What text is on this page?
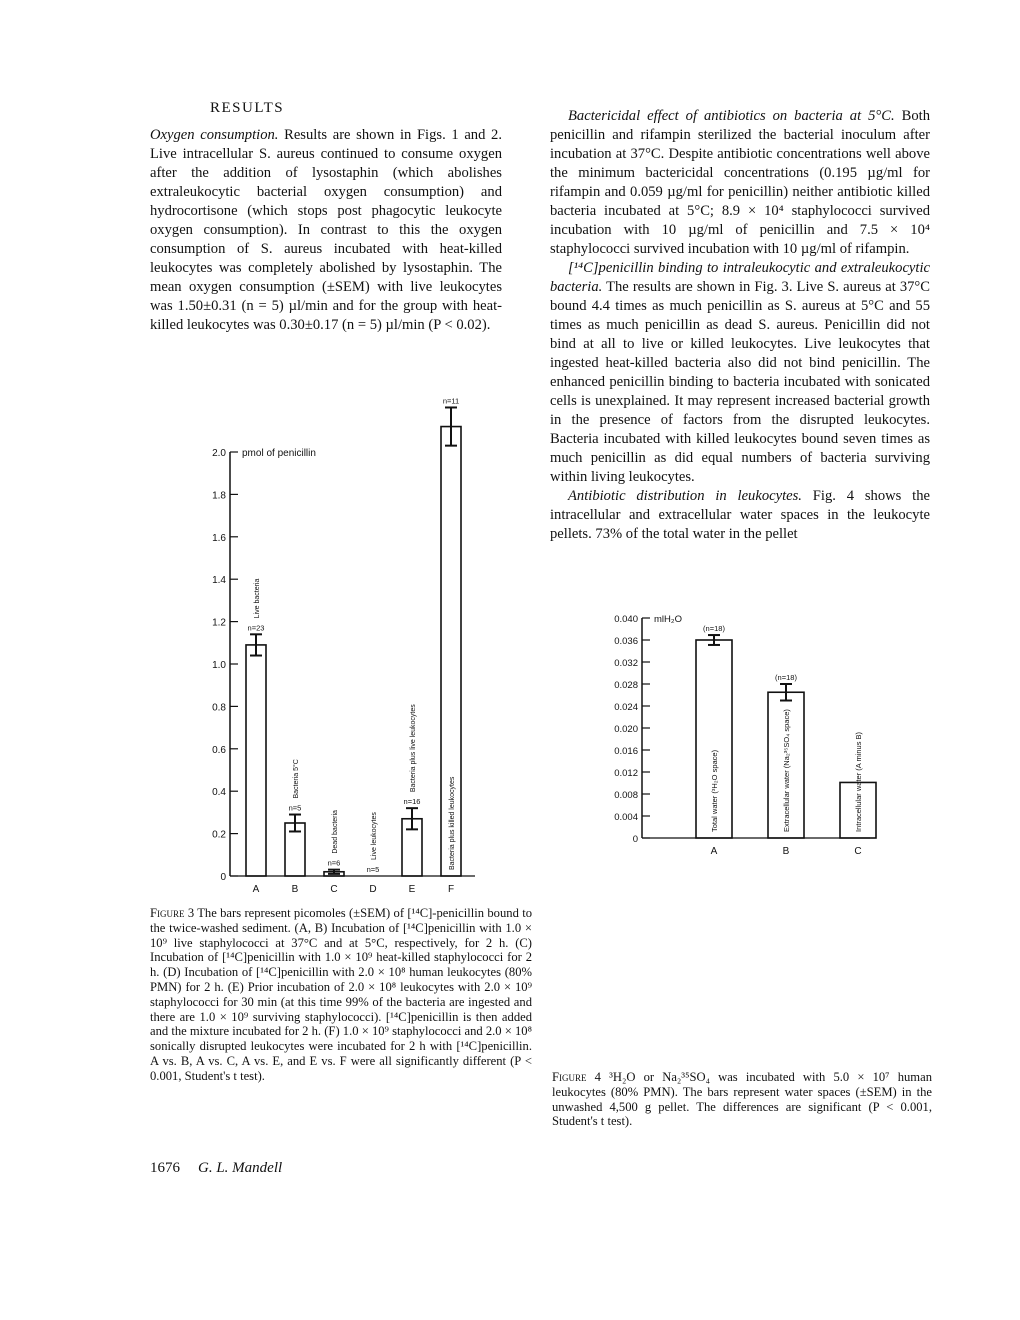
RESULTS

Oxygen consumption. Results are shown in Figs. 1 and 2. Live intracellular S. aureus continued to consume oxygen after the addition of lysostaphin (which abolishes extraleukocytic bacterial oxygen consumption) and hydrocortisone (which stops post phagocytic leukocyte oxygen consumption). In contrast to this the oxygen consumption of S. aureus incubated with heat-killed leukocytes was completely abolished by lysostaphin. The mean oxygen consumption (±SEM) with live leukocytes was 1.50±0.31 (n = 5) µl/min and for the group with heat-killed leukocytes was 0.30±0.17 (n = 5) µl/min (P < 0.02).

Bactericidal effect of antibiotics on bacteria at 5°C. Both penicillin and rifampin sterilized the bacterial inoculum after incubation at 37°C. Despite antibiotic concentrations well above the minimum bactericidal concentrations (0.195 µg/ml for rifampin and 0.059 µg/ml for penicillin) neither antibiotic killed bacteria incubated at 5°C; 8.9 × 10⁴ staphylococci survived incubation with 10 µg/ml of penicillin and 7.5 × 10⁴ staphylococci survived incubation with 10 µg/ml of rifampin.

[¹⁴C]penicillin binding to intraleukocytic and extraleukocytic bacteria. The results are shown in Fig. 3. Live S. aureus at 37°C bound 4.4 times as much penicillin as S. aureus at 5°C and 55 times as much penicillin as dead S. aureus. Penicillin did not bind at all to live or killed leukocytes. Live leukocytes that ingested heat-killed bacteria also did not bind penicillin. The enhanced penicillin binding to bacteria incubated with sonicated cells is unexplained. It may represent increased bacterial growth in the presence of factors from the disrupted leukocytes. Bacteria incubated with killed leukocytes bound seven times as much penicillin as did equal numbers of bacteria surviving within living leukocytes.

Antibiotic distribution in leukocytes. Fig. 4 shows the intracellular and extracellular water spaces in the leukocyte pellets. 73% of the total water in the pellet

0
0.2
0.4
0.6
0.8
1.0
1.2
1.4
1.6
1.8
2.0 pmol of penicillin
A
n=23
Live bacteria
B
n=5
Bacteria 5°C
C
n=6
Dead bacteria
D
n=5
Live leukocytes
E
n=16
Bacteria plus live leukocytes
F
n=11
Bacteria plus killed leukocytes
Figure 3 The bars represent picomoles (±SEM) of [¹⁴C]-penicillin bound to the twice-washed sediment. (A, B) Incubation of [¹⁴C]penicillin with 1.0 × 10⁹ live staphylococci at 37°C and at 5°C, respectively, for 2 h. (C) Incubation of [¹⁴C]penicillin with 1.0 × 10⁹ heat-killed staphylococci for 2 h. (D) Incubation of [¹⁴C]penicillin with 2.0 × 10⁸ human leukocytes (80% PMN) for 2 h. (E) Prior incubation of 2.0 × 10⁸ leukocytes with 2.0 × 10⁹ staphylococci for 30 min (at this time 99% of the bacteria are ingested and there are 1.0 × 10⁹ surviving staphylococci). [¹⁴C]penicillin is then added and the mixture incubated for 2 h. (F) 1.0 × 10⁹ staphylococci and 2.0 × 10⁸ sonically disrupted leukocytes were incubated for 2 h with [¹⁴C]penicillin. A vs. B, A vs. C, A vs. E, and E vs. F were all significantly different (P < 0.001, Student's t test).
0
0.004
0.008
0.012
0.016
0.020
0.024
0.028
0.032
0.036
0.040 mlH₂O
A
(n=18)
Total water (³H₂O space)
B
(n=18)
Extracellular water (Na₂³⁵SO₄ space)
C
Intracellular water (A minus B)
Figure 4 ³H₂O or Na₂³⁵SO₄ was incubated with 5.0 × 10⁷ human leukocytes (80% PMN). The bars represent water spaces (±SEM) in the unwashed 4,500 g pellet. The differences are significant (P < 0.001, Student's t test).
1676 G. L. Mandell
